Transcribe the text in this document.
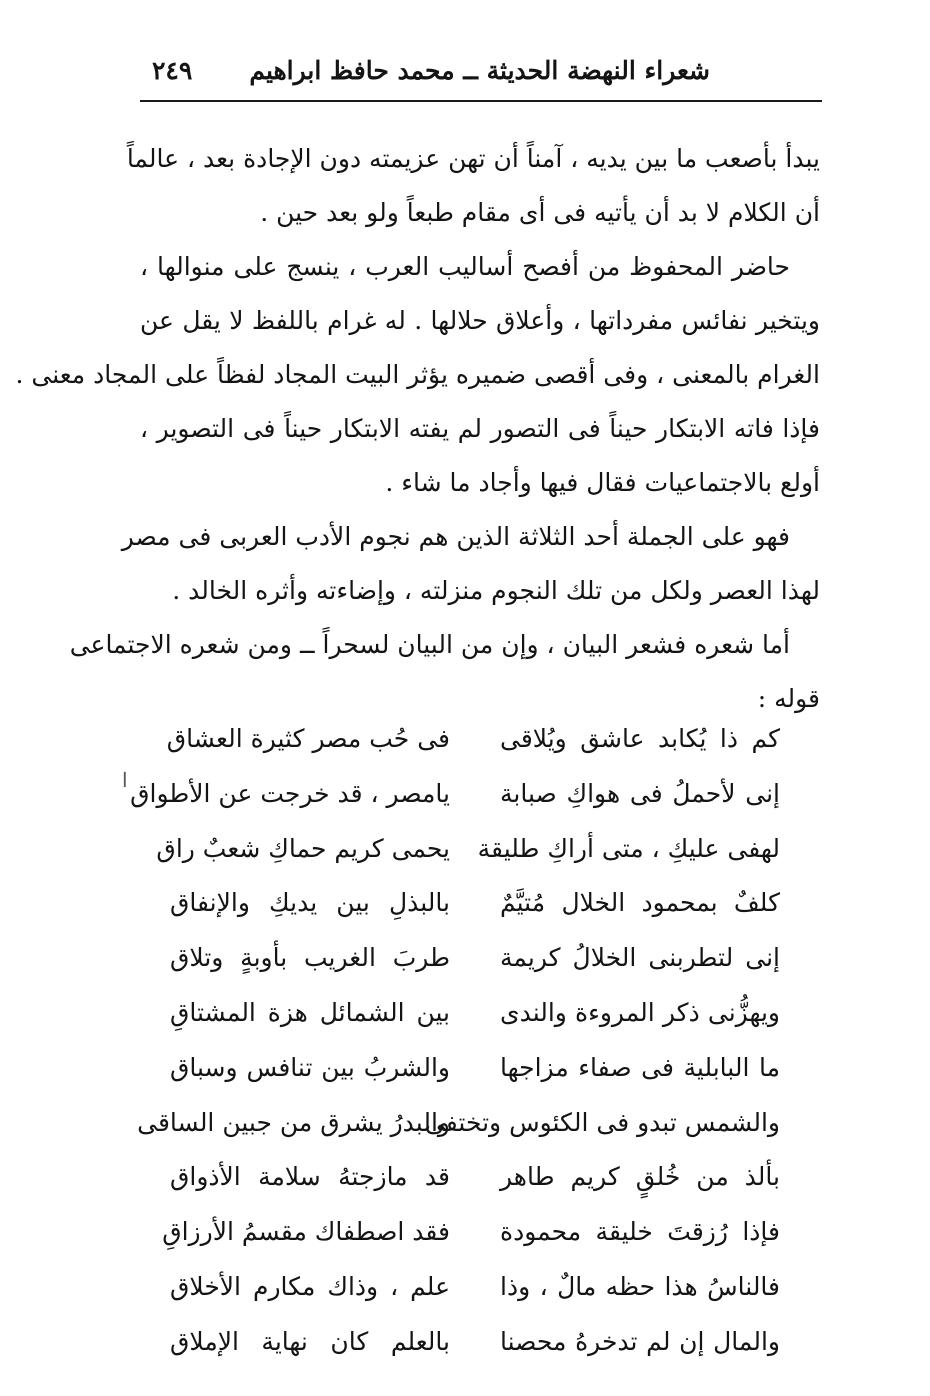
شعراء النهضة الحديثة ــ محمد حافظ ابراهيم
٢٤٩
يبدأ بأصعب ما بين يديه ، آمناً أن تهن عزيمته دون الإجادة بعد ، عالماً
أن الكلام لا بد أن يأتيه فى أى مقام طبعاً ولو بعد حين .
حاضر المحفوظ من أفصح أساليب العرب ، ينسج على منوالها ،
ويتخير نفائس مفرداتها ، وأعلاق حلالها . له غرام باللفظ لا يقل عن
الغرام بالمعنى ، وفى أقصى ضميره يؤثر البيت المجاد لفظاً على المجاد معنى .
فإذا فاته الابتكار حيناً فى التصور لم يفته الابتكار حيناً فى التصوير ،
أولع بالاجتماعيات فقال فيها وأجاد ما شاء .
فهو على الجملة أحد الثلاثة الذين هم نجوم الأدب العربى فى مصر
لهذا العصر ولكل من تلك النجوم منزلته ، وإضاءته وأثره الخالد .
أما شعره فشعر البيان ، وإن من البيان لسحراً ــ ومن شعره الاجتماعى
قوله :
كم ذا يُكابد عاشق ويُلاقى
فى حُب مصر كثيرة العشاق
إنى لأحملُ فى هواكِ صبابة
يامصر ، قد خرجت عن الأطواق
لهفى عليكِ ، متى أراكِ طليقة
يحمى كريم حماكِ شعبٌ راق
كلفٌ بمحمود الخلال مُتيَّمٌ
بالبذلِ بين يديكِ والإنفاق
إنى لتطربنى الخلالُ كريمة
طربَ الغريب بأوبةٍ وتلاق
ويهزُّنى ذكر المروءة والندى
بين الشمائل هزة المشتاقِ
ما البابلية فى صفاء مزاجها
والشربُ بين تنافس وسباق
والشمس تبدو فى الكئوس وتختفى
والبدرُ يشرق من جبين الساقى
بألذ من خُلقٍ كريم طاهر
قد مازجتهُ سلامة الأذواق
فإذا رُزقتَ خليقة محمودة
فقد اصطفاك مقسمُ الأرزاقِ
فالناسُ هذا حظه مالٌ ، وذا
علم ، وذاك مكارم الأخلاق
والمال إن لم تدخرهُ محصنا
بالعلم كان نهاية الإملاق
ا
